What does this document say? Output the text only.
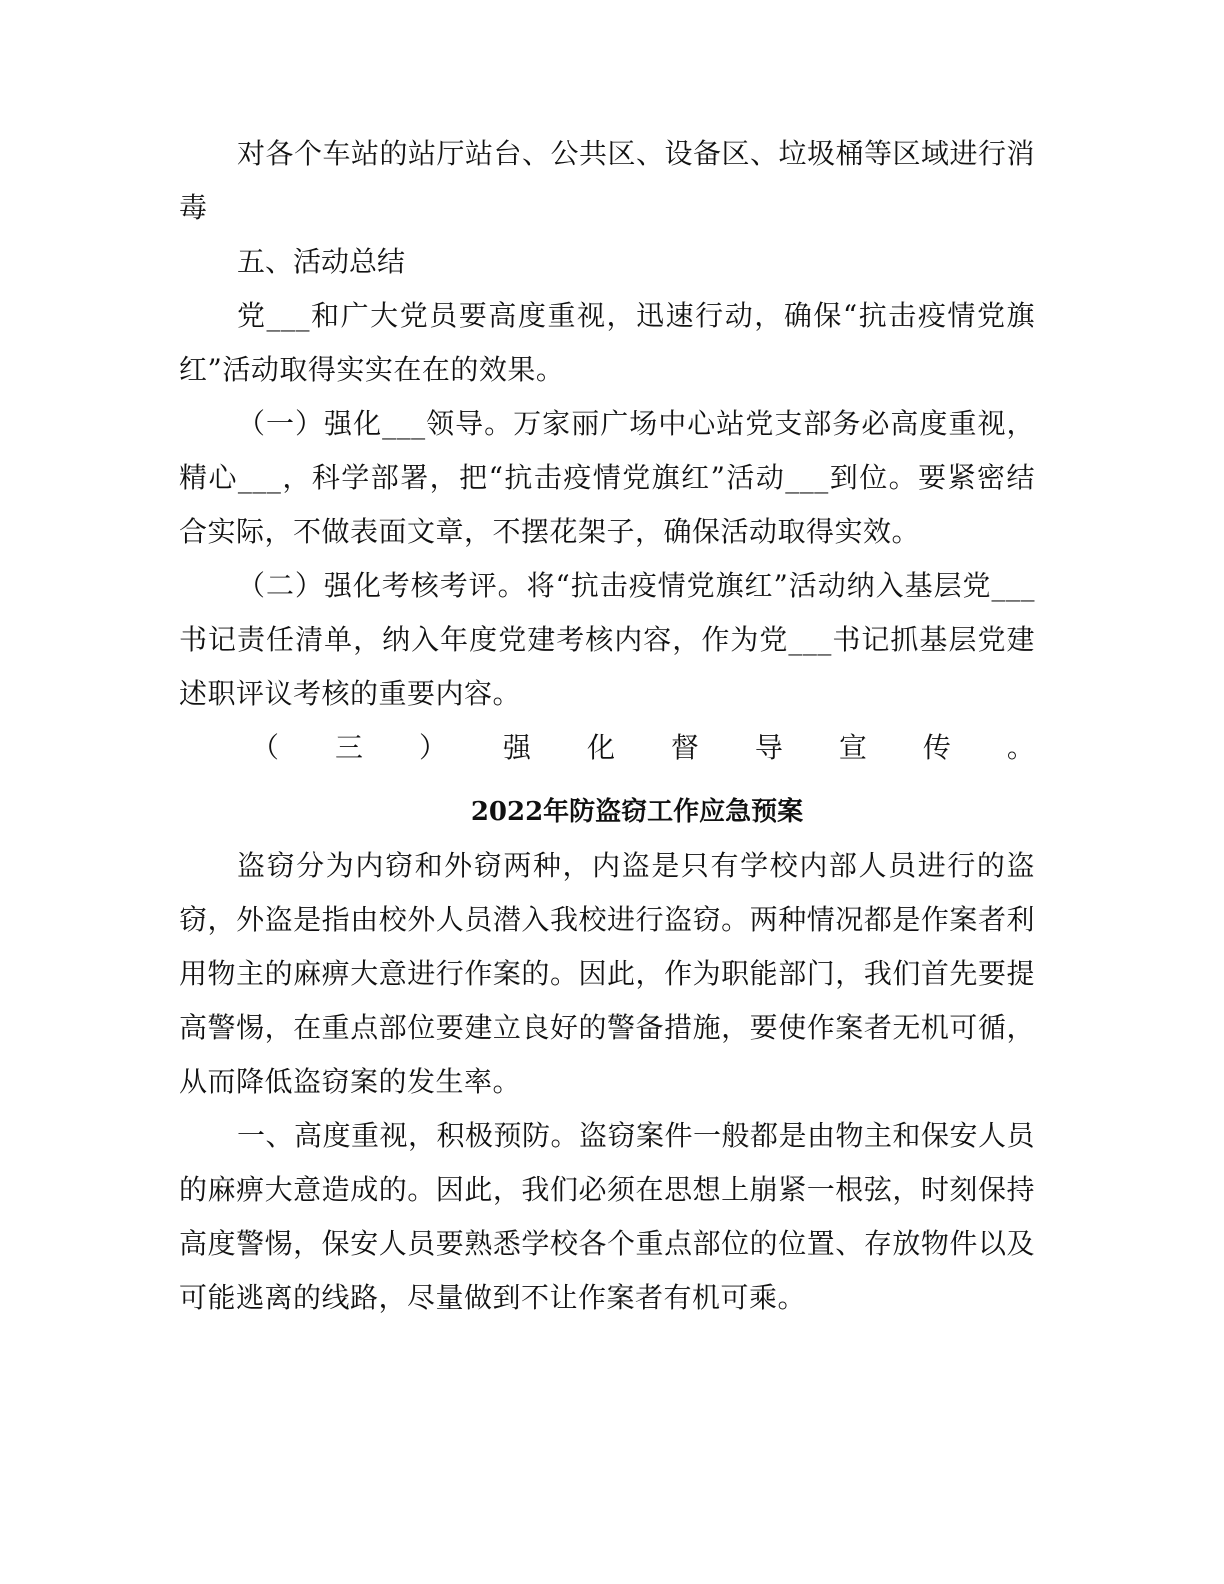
对各个车站的站厅站台、公共区、设备区、垃圾桶等区域进行消毒

五、活动总结

党___和广大党员要高度重视，迅速行动，确保“抗击疫情党旗红”活动取得实实在在的效果。

（一）强化___领导。万家丽广场中心站党支部务必高度重视，精心___，科学部署，把“抗击疫情党旗红”活动___到位。要紧密结合实际，不做表面文章，不摆花架子，确保活动取得实效。

（二）强化考核考评。将“抗击疫情党旗红”活动纳入基层党___书记责任清单，纳入年度党建考核内容，作为党___书记抓基层党建述职评议考核的重要内容。

（ 三 ） 强 化 督 导 宣 传 。
2022年防盗窃工作应急预案

盗窃分为内窃和外窃两种，内盗是只有学校内部人员进行的盗窃，外盗是指由校外人员潜入我校进行盗窃。两种情况都是作案者利用物主的麻痹大意进行作案的。因此，作为职能部门，我们首先要提高警惕，在重点部位要建立良好的警备措施，要使作案者无机可循，从而降低盗窃案的发生率。

一、高度重视，积极预防。盗窃案件一般都是由物主和保安人员的麻痹大意造成的。因此，我们必须在思想上崩紧一根弦，时刻保持高度警惕，保安人员要熟悉学校各个重点部位的位置、存放物件以及可能逃离的线路，尽量做到不让作案者有机可乘。
